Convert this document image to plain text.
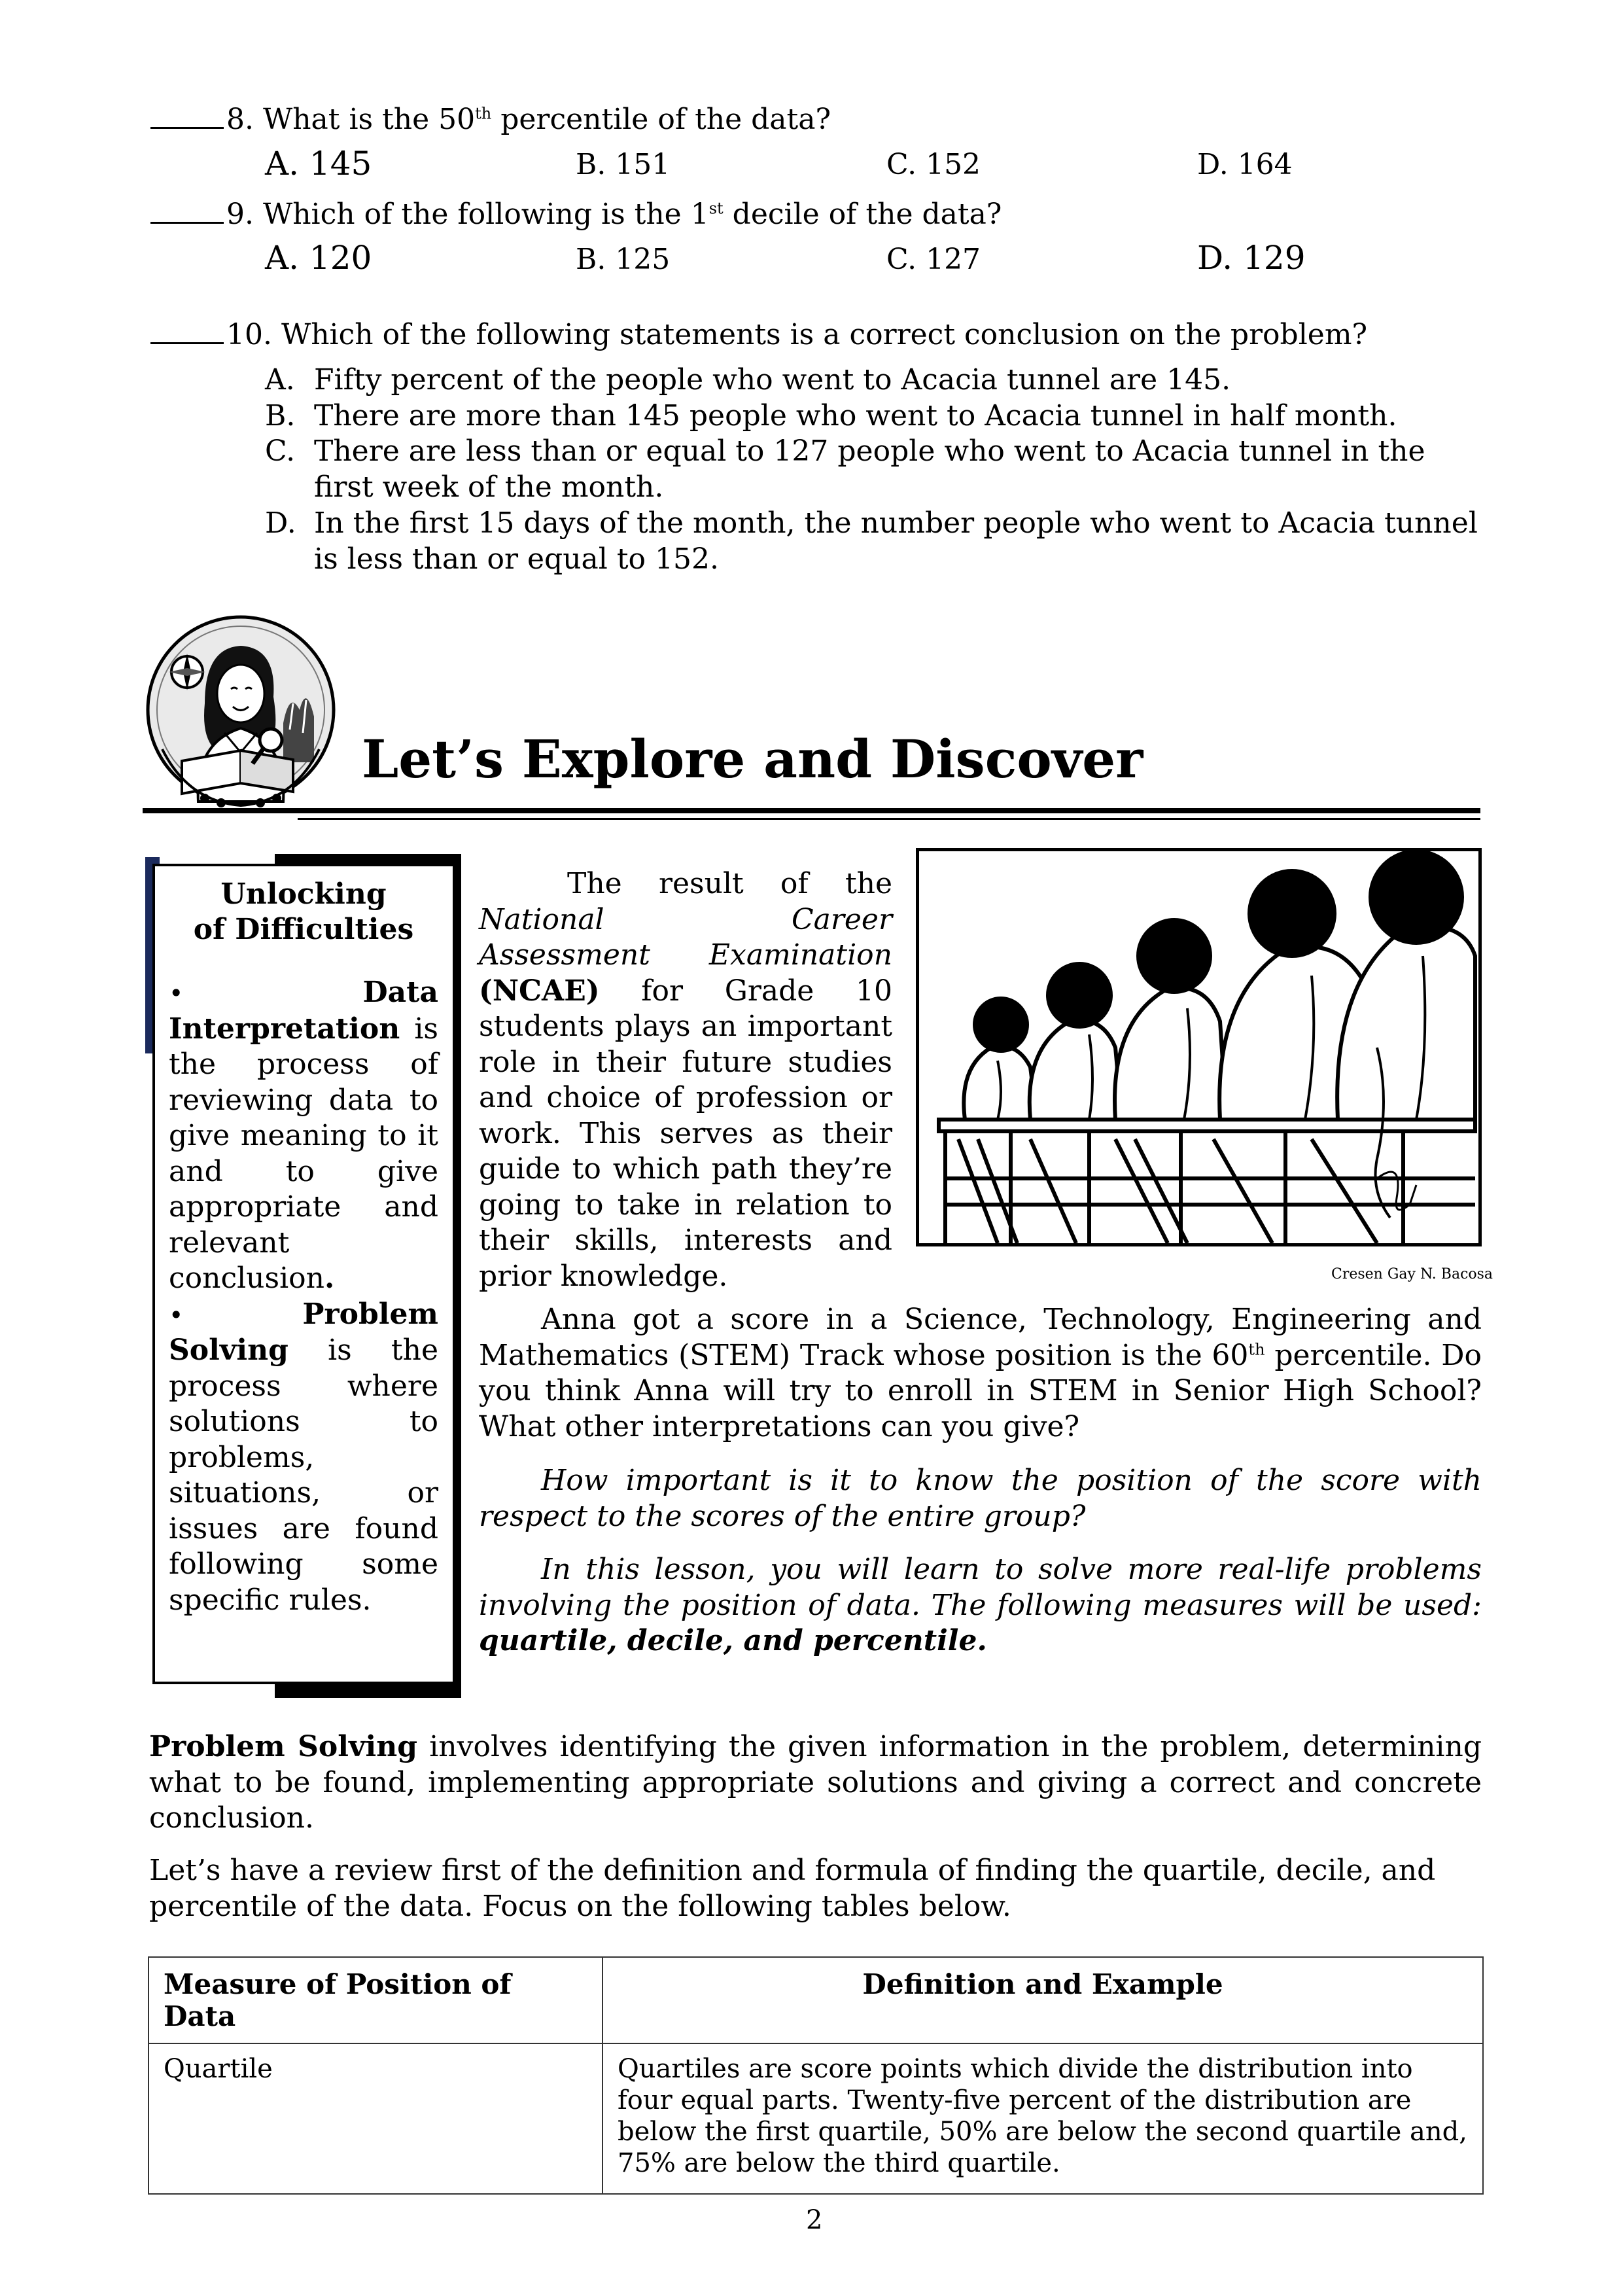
8. What is the 50th percentile of the data?
A. 145	B. 151	C. 152	D. 164
9. Which of the following is the 1st decile of the data?
A. 120	B. 125	C. 127	D. 129
10. Which of the following statements is a correct conclusion on the problem?
A. Fifty percent of the people who went to Acacia tunnel are 145.
B. There are more than 145 people who went to Acacia tunnel in half month.
C. There are less than or equal to 127 people who went to Acacia tunnel in the
first week of the month.
D. In the first 15 days of the month, the number people who went to Acacia tunnel
is less than or equal to 152.
Let’s Explore and Discover
Unlocking
of Difficulties
•	Data Interpretation is the process of reviewing data to give meaning to it and to give appropriate and relevant conclusion.
•	Problem Solving is the process where solutions to problems, situations, or issues are found following some specific rules.
The result of the National Career Assessment Examination (NCAE) for Grade 10 students plays an important role in their future studies and choice of profession or work. This serves as their guide to which path they’re going to take in relation to their skills, interests and prior knowledge.	Cresen Gay N. Bacosa
Anna got a score in a Science, Technology, Engineering and Mathematics (STEM) Track whose position is the 60th percentile. Do you think Anna will try to enroll in STEM in Senior High School? What other interpretations can you give?
How important is it to know the position of the score with respect to the scores of the entire group?
In this lesson, you will learn to solve more real-life problems involving the position of data. The following measures will be used: quartile, decile, and percentile.
Problem Solving involves identifying the given information in the problem, determining what to be found, implementing appropriate solutions and giving a correct and concrete conclusion.
Let’s have a review first of the definition and formula of finding the quartile, decile, and percentile of the data. Focus on the following tables below.
Measure of Position of Data	Definition and Example
Quartile	Quartiles are score points which divide the distribution into four equal parts. Twenty-five percent of the distribution are below the first quartile, 50% are below the second quartile and, 75% are below the third quartile.
2
